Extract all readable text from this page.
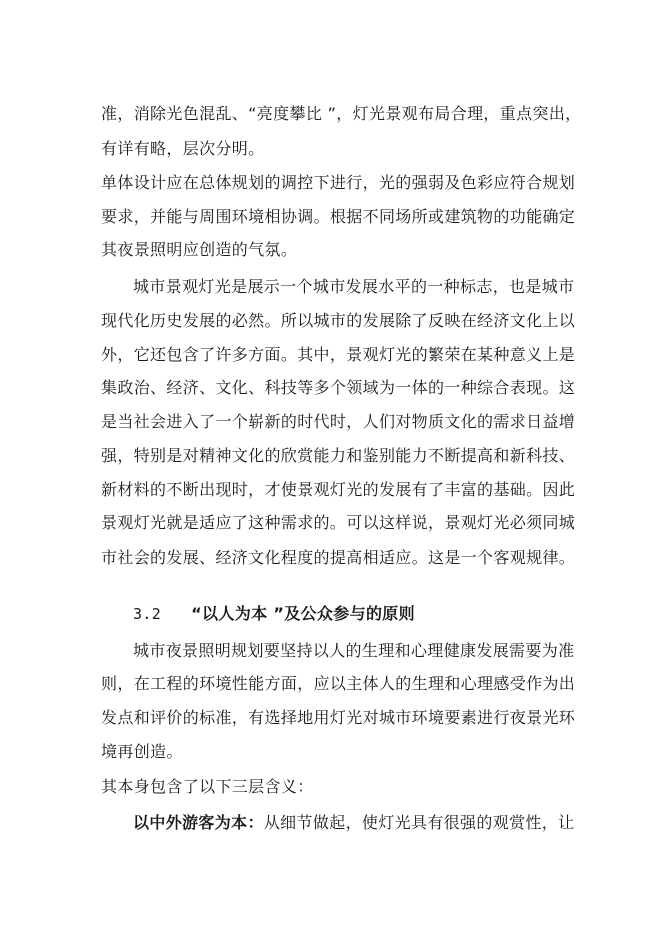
准，消除光色混乱、“亮度攀比 ”，灯光景观布局合理，重点突出，
有详有略，层次分明。
单体设计应在总体规划的调控下进行，光的强弱及色彩应符合规划
要求，并能与周围环境相协调。根据不同场所或建筑物的功能确定
其夜景照明应创造的气氛。
城市景观灯光是展示一个城市发展水平的一种标志，也是城市
现代化历史发展的必然。所以城市的发展除了反映在经济文化上以
外，它还包含了许多方面。其中，景观灯光的繁荣在某种意义上是
集政治、经济、文化、科技等多个领域为一体的一种综合表现。这
是当社会进入了一个崭新的时代时，人们对物质文化的需求日益增
强，特别是对精神文化的欣赏能力和鉴别能力不断提高和新科技、
新材料的不断出现时，才使景观灯光的发展有了丰富的基础。因此
景观灯光就是适应了这种需求的。可以这样说，景观灯光必须同城
市社会的发展、经济文化程度的提高相适应。这是一个客观规律。
3.2 “以人为本 ”及公众参与的原则
城市夜景照明规划要坚持以人的生理和心理健康发展需要为准
则，在工程的环境性能方面，应以主体人的生理和心理感受作为出
发点和评价的标准，有选择地用灯光对城市环境要素进行夜景光环
境再创造。
其本身包含了以下三层含义：
以中外游客为本：从细节做起，使灯光具有很强的观赏性，让
